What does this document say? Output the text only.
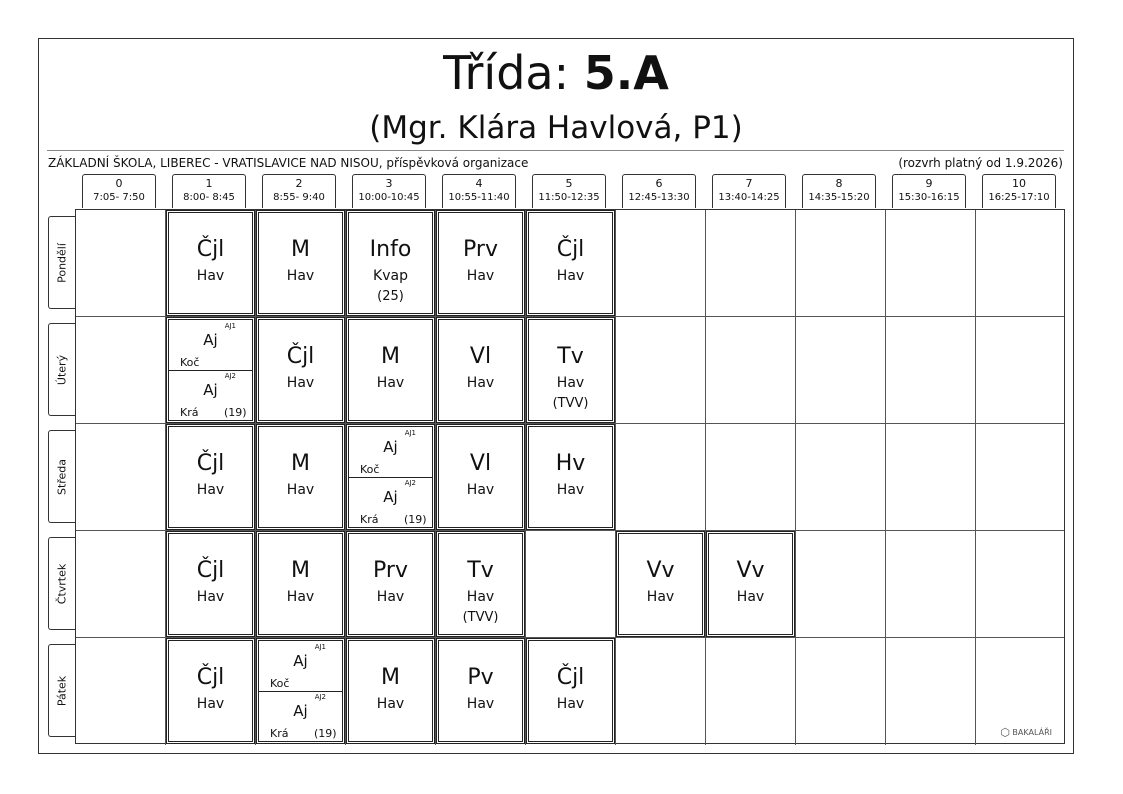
Třída: 5.A
(Mgr. Klára Havlová, P1)
ZÁKLADNÍ ŠKOLA, LIBEREC - VRATISLAVICE NAD NISOU, příspěvková organizace	(rozvrh platný od 1.9.2026)
0
7:05- 7:50
1
8:00- 8:45
2
8:55- 9:40
3
10:00-10:45
4
10:55-11:40
5
11:50-12:35
6
12:45-13:30
7
13:40-14:25
8
14:35-15:20
9
15:30-16:15
10
16:25-17:10
Pondělí
Úterý
Středa
Čtvrtek
Pátek
⬡ BAKALÁŘI
Čjl
Hav
M
Hav
Info
Kvap
(25)
Prv
Hav
Čjl
Hav
Čjl
Hav
M
Hav
Vl
Hav
Tv
Hav
(TVV)
Čjl
Hav
M
Hav
Vl
Hav
Hv
Hav
Čjl
Hav
M
Hav
Prv
Hav
Tv
Hav
(TVV)
Vv
Hav
Vv
Hav
Čjl
Hav
M
Hav
Pv
Hav
Čjl
Hav
AJ1
Aj
Koč
AJ2
Aj
Krá (19)
AJ1
Aj
Koč
AJ2
Aj
Krá (19)
AJ1
Aj
Koč
AJ2
Aj
Krá (19)
